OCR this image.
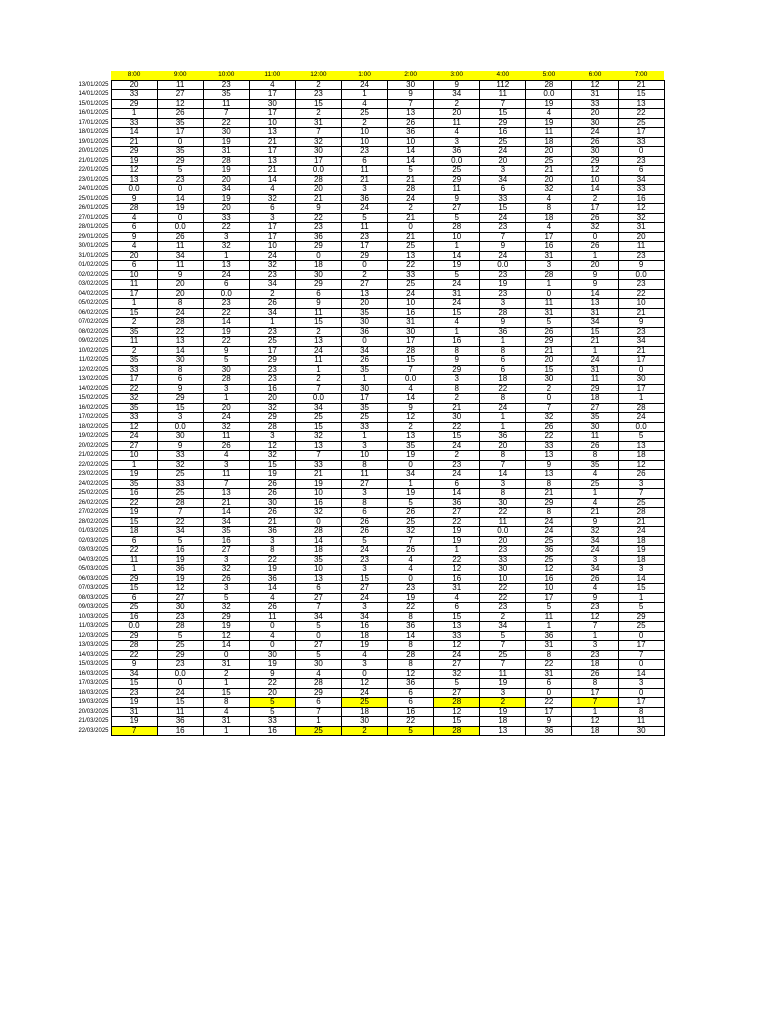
	8:00	9:00	10:00	11:00	12:00	1:00	2:00	3:00	4:00	5:00	6:00	7:00
13/01/2025	20	11	23	4	2	24	30	9	112	28	12	21
14/01/2025	33	27	35	17	23	1	9	34	11	0.0	31	15
15/01/2025	29	12	11	30	15	4	7	2	7	19	33	13
16/01/2025	1	26	7	17	2	25	13	20	15	4	20	22
17/01/2025	33	35	22	10	31	2	26	11	29	19	30	25
18/01/2025	14	17	30	13	7	10	36	4	16	11	24	17
19/01/2025	21	0	19	21	32	10	10	3	25	18	26	33
20/01/2025	29	35	31	17	30	23	14	36	24	20	30	0
21/01/2025	19	29	28	13	17	6	14	0.0	20	25	29	23
22/01/2025	12	5	19	21	0.0	11	5	25	3	21	12	6
23/01/2025	13	23	20	14	28	21	21	29	34	20	10	34
24/01/2025	0.0	0	34	4	20	3	28	11	6	32	14	33
25/01/2025	9	14	19	32	21	36	24	9	33	4	2	16
26/01/2025	28	19	20	6	9	24	2	27	15	8	17	12
27/01/2025	4	0	33	3	22	5	21	5	24	18	26	32
28/01/2025	6	0.0	22	17	23	11	0	28	23	4	32	31
29/01/2025	9	26	3	17	36	23	21	10	7	17	0	20
30/01/2025	4	11	32	10	29	17	25	1	9	16	26	11
31/01/2025	20	34	1	24	0	29	13	14	24	31	1	23
01/02/2025	6	11	13	32	18	0	22	19	0.0	3	20	9
02/02/2025	10	9	24	23	30	2	33	5	23	28	9	0.0
03/02/2025	11	20	6	34	29	27	25	24	19	1	9	23
04/02/2025	17	20	0.0	2	6	13	24	31	23	0	14	22
05/02/2025	1	8	23	26	9	20	10	24	3	11	13	10
06/02/2025	15	24	22	34	11	35	16	15	28	31	31	21
07/02/2025	2	28	14	1	15	30	31	4	9	5	34	9
08/02/2025	35	22	19	23	2	36	30	1	36	26	15	23
09/02/2025	11	13	22	25	13	0	17	16	1	29	21	34
10/02/2025	2	14	9	17	24	34	28	8	8	21	1	21
11/02/2025	35	30	5	29	11	26	15	9	6	20	24	17
12/02/2025	33	8	30	23	1	35	7	29	6	15	31	0
13/02/2025	17	6	28	23	2	1	0.0	3	18	30	11	30
14/02/2025	22	9	3	16	7	30	4	8	22	2	29	17
15/02/2025	32	29	1	20	0.0	17	14	2	8	0	18	1
16/02/2025	35	15	20	32	34	35	9	21	24	7	27	28
17/02/2025	33	3	24	29	25	25	12	30	1	32	35	24
18/02/2025	12	0.0	32	28	15	33	2	22	1	26	30	0.0
19/02/2025	24	30	11	3	32	1	13	15	36	22	11	5
20/02/2025	27	9	26	12	13	3	35	24	20	33	26	13
21/02/2025	10	33	4	32	7	10	19	2	8	13	8	18
22/02/2025	1	32	3	15	33	8	0	23	7	9	35	12
23/02/2025	19	25	11	19	21	11	34	24	14	13	4	26
24/02/2025	35	33	7	26	19	27	1	6	3	8	25	3
25/02/2025	16	25	13	26	10	3	19	14	8	21	1	7
26/02/2025	22	28	21	30	16	8	5	36	30	29	4	25
27/02/2025	19	7	14	26	32	6	26	27	22	8	21	28
28/02/2025	15	22	34	21	0	26	25	22	11	24	9	21
01/03/2025	18	34	35	36	28	26	32	19	0.0	24	32	24
02/03/2025	6	5	16	3	14	5	7	19	20	25	34	18
03/03/2025	22	16	27	8	18	24	26	1	23	36	24	19
04/03/2025	11	19	3	22	35	23	4	22	33	25	3	18
05/03/2025	1	36	32	19	10	3	4	12	30	12	34	3
06/03/2025	29	19	26	36	13	15	0	16	10	16	26	14
07/03/2025	15	12	3	14	6	27	23	31	22	10	4	15
08/03/2025	6	27	5	4	27	24	19	4	22	17	9	1
09/03/2025	25	30	32	26	7	3	22	6	23	5	23	5
10/03/2025	16	23	29	11	34	34	8	15	2	11	12	29
11/03/2025	0.0	28	19	0	5	16	36	13	34	1	7	25
12/03/2025	29	5	12	4	0	18	14	33	5	36	1	0
13/03/2025	28	25	14	0	27	19	8	12	7	31	3	17
14/03/2025	22	29	0	30	5	4	28	24	25	8	23	7
15/03/2025	9	23	31	19	30	3	8	27	7	22	18	0
16/03/2025	34	0.0	2	9	4	0	12	32	11	31	26	14
17/03/2025	15	0	1	22	28	12	36	5	19	6	8	3
18/03/2025	23	24	15	20	29	24	6	27	3	0	17	0
19/03/2025	19	15	8	5	6	25	6	28	2	22	7	17
20/03/2025	31	11	4	5	7	18	16	12	19	17	1	8
21/03/2025	19	36	31	33	1	30	22	15	18	9	12	11
22/03/2025	7	16	1	16	25	2	5	28	13	36	18	30
